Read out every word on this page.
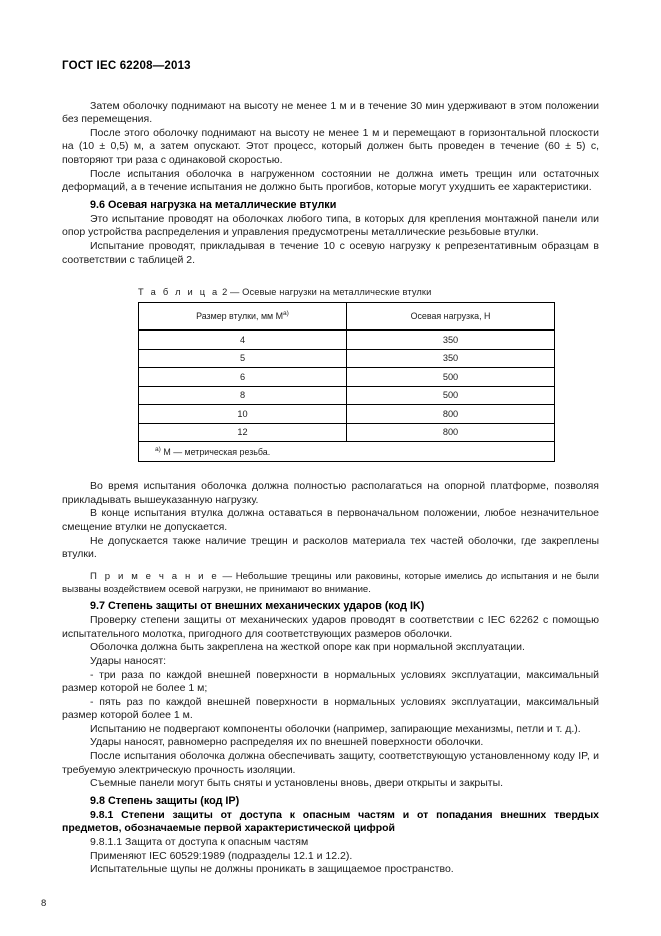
ГОСТ IEC 62208—2013

Затем оболочку поднимают на высоту не менее 1 м и в течение 30 мин удерживают в этом положении без перемещения.

После этого оболочку поднимают на высоту не менее 1 м и перемещают в горизонтальной плоскости на (10 ± 0,5) м, а затем опускают. Этот процесс, который должен быть проведен в течение (60 ± 5) с, повторяют три раза с одинаковой скоростью.

После испытания оболочка в нагруженном состоянии не должна иметь трещин или остаточных деформаций, а в течение испытания не должно быть прогибов, которые могут ухудшить ее характеристики.

9.6 Осевая нагрузка на металлические втулки

Это испытание проводят на оболочках любого типа, в которых для крепления монтажной панели или опор устройства распределения и управления предусмотрены металлические резьбовые втулки.

Испытание проводят, прикладывая в течение 10 с осевую нагрузку к репрезентативным образцам в соответствии с таблицей 2.

Т а б л и ц а 2 — Осевые нагрузки на металлические втулки
Размер втулки, мм М$^{а)}$	Осевая нагрузка, Н
4	350
5	350
6	500
8	500
10	800
12	800
$^{а)}$ М — метрическая резьба.	

Во время испытания оболочка должна полностью располагаться на опорной платформе, позволяя прикладывать вышеуказанную нагрузку.

В конце испытания втулка должна оставаться в первоначальном положении, любое незначительное смещение втулки не допускается.

Не допускается также наличие трещин и расколов материала тех частей оболочки, где закреплены втулки.

П р и м е ч а н и е — Небольшие трещины или раковины, которые имелись до испытания и не были вызваны воздействием осевой нагрузки, не принимают во внимание.

9.7 Степень защиты от внешних механических ударов (код IK)

Проверку степени защиты от механических ударов проводят в соответствии с IEC 62262 с помощью испытательного молотка, пригодного для соответствующих размеров оболочки.

Оболочка должна быть закреплена на жесткой опоре как при нормальной эксплуатации.

Удары наносят:

- три раза по каждой внешней поверхности в нормальных условиях эксплуатации, максимальный размер которой не более 1 м;

- пять раз по каждой внешней поверхности в нормальных условиях эксплуатации, максимальный размер которой более 1 м.

Испытанию не подвергают компоненты оболочки (например, запирающие механизмы, петли и т. д.).

Удары наносят, равномерно распределяя их по внешней поверхности оболочки.

После испытания оболочка должна обеспечивать защиту, соответствующую установленному коду IP, и требуемую электрическую прочность изоляции.

Съемные панели могут быть сняты и установлены вновь, двери открыты и закрыты.

9.8 Степень защиты (код IP)
9.8.1 Степени защиты от доступа к опасным частям и от попадания внешних твердых предметов, обозначаемые первой характеристической цифрой

9.8.1.1 Защита от доступа к опасным частям

Применяют IEC 60529:1989 (подразделы 12.1 и 12.2).

Испытательные щупы не должны проникать в защищаемое пространство.

8
